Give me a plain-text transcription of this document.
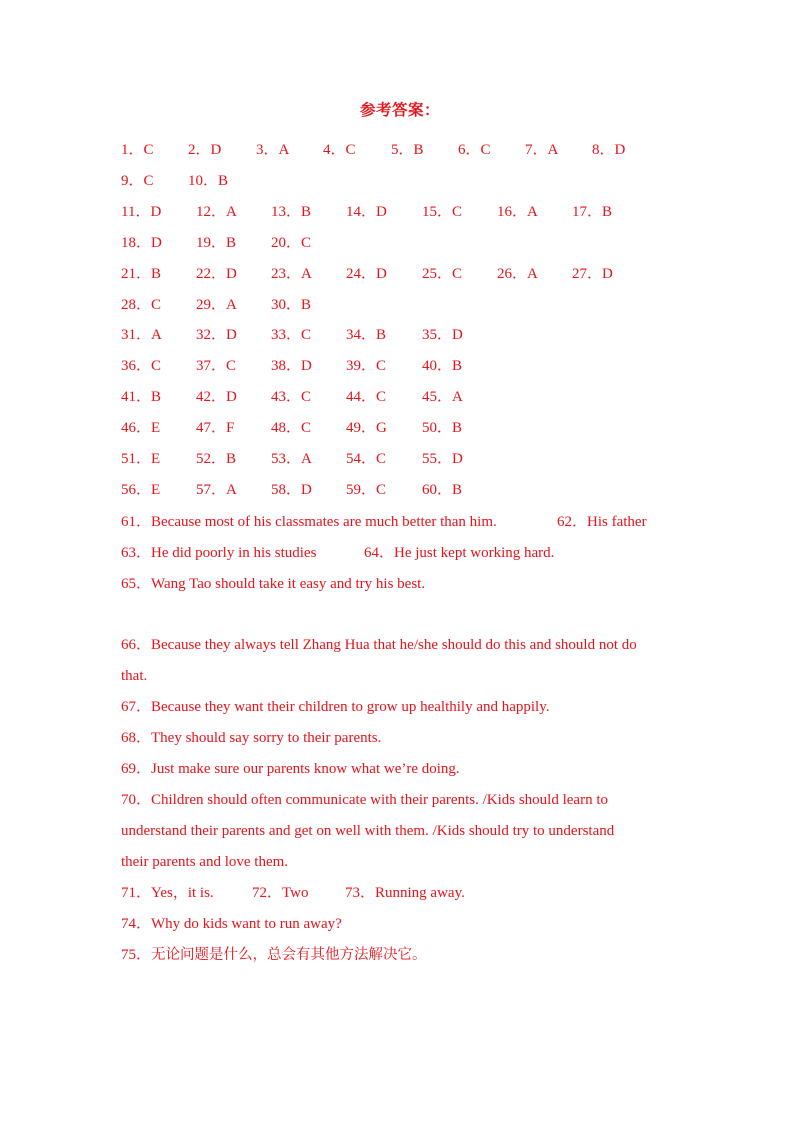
参考答案：
1．C 2．D 3．A 4．C 5．B 6．C 7．A 8．D
9．C 10．B
11．D 12．A 13．B 14．D 15．C 16．A 17．B
18．D 19．B 20．C
21．B 22．D 23．A 24．D 25．C 26．A 27．D
28．C 29．A 30．B
31．A 32．D 33．C 34．B 35．D
36．C 37．C 38．D 39．C 40．B
41．B 42．D 43．C 44．C 45．A
46．E 47．F 48．C 49．G 50．B
51．E 52．B 53．A 54．C 55．D
56．E 57．A 58．D 59．C 60．B
61．Because most of his classmates are much better than him.	62．His father
63．He did poorly in his studies	64．He just kept working hard.
65．Wang Tao should take it easy and try his best.
66．Because they always tell Zhang Hua that he/she should do this and should not do
that.
67．Because they want their children to grow up healthily and happily.
68．They should say sorry to their parents.
69．Just make sure our parents know what we’re doing.
70．Children should often communicate with their parents. /Kids should learn to
understand their parents and get on well with them. /Kids should try to understand
their parents and love them.
71．Yes，it is.	72．Two 73．Running away.
74．Why do kids want to run away?
75．无论问题是什么，总会有其他方法解决它。
